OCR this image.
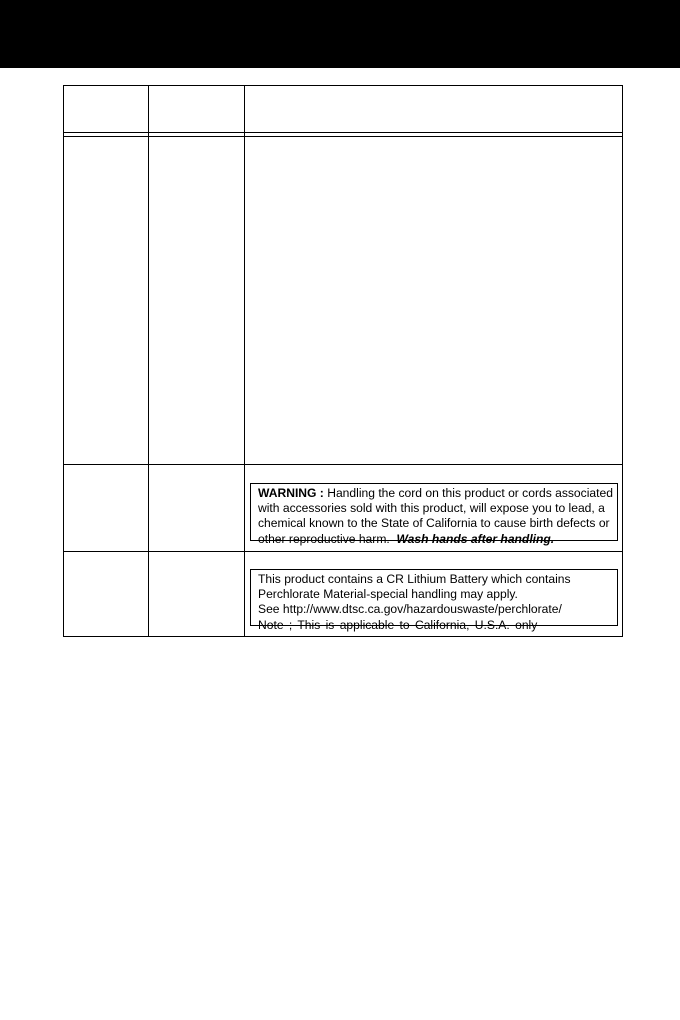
WARNING : Handling the cord on this product or cords associated
with accessories sold with this product, will expose you to lead, a
chemical known to the State of California to cause birth defects or
other reproductive harm. Wash hands after handling.
This product contains a CR Lithium Battery which contains
Perchlorate Material-special handling may apply.
See http://www.dtsc.ca.gov/hazardouswaste/perchlorate/
Note ; This is applicable to California, U.S.A. only
